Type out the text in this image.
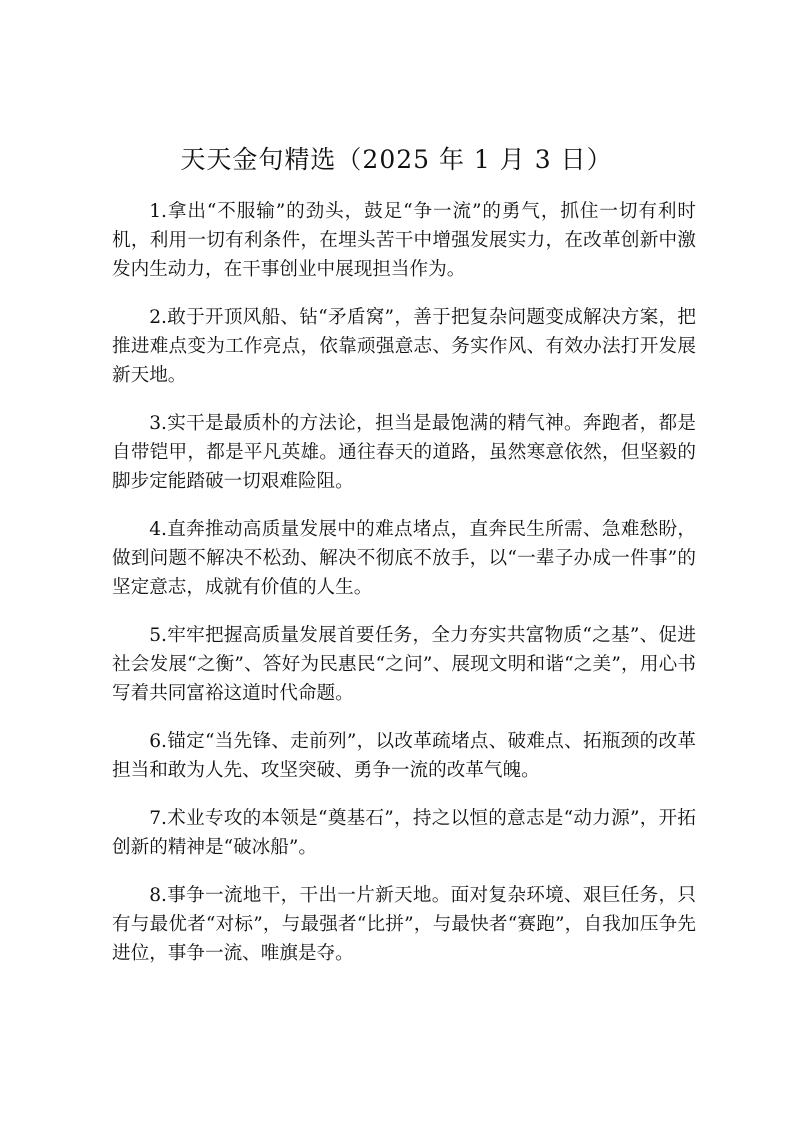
天天金句精选（2025 年 1 月 3 日）

1.拿出“不服输”的劲头，鼓足“争一流”的勇气，抓住一切有利时机，利用一切有利条件，在埋头苦干中增强发展实力，在改革创新中激发内生动力，在干事创业中展现担当作为。

2.敢于开顶风船、钻“矛盾窝”，善于把复杂问题变成解决方案，把推进难点变为工作亮点，依靠顽强意志、务实作风、有效办法打开发展新天地。

3.实干是最质朴的方法论，担当是最饱满的精气神。奔跑者，都是自带铠甲，都是平凡英雄。通往春天的道路，虽然寒意依然，但坚毅的脚步定能踏破一切艰难险阻。

4.直奔推动高质量发展中的难点堵点，直奔民生所需、急难愁盼，做到问题不解决不松劲、解决不彻底不放手，以“一辈子办成一件事”的坚定意志，成就有价值的人生。

5.牢牢把握高质量发展首要任务，全力夯实共富物质“之基”、促进社会发展“之衡”、答好为民惠民“之问”、展现文明和谐“之美”，用心书写着共同富裕这道时代命题。

6.锚定“当先锋、走前列”，以改革疏堵点、破难点、拓瓶颈的改革担当和敢为人先、攻坚突破、勇争一流的改革气魄。

7.术业专攻的本领是“奠基石”，持之以恒的意志是“动力源”，开拓创新的精神是“破冰船”。

8.事争一流地干，干出一片新天地。面对复杂环境、艰巨任务，只有与最优者“对标”，与最强者“比拼”，与最快者“赛跑”，自我加压争先进位，事争一流、唯旗是夺。
